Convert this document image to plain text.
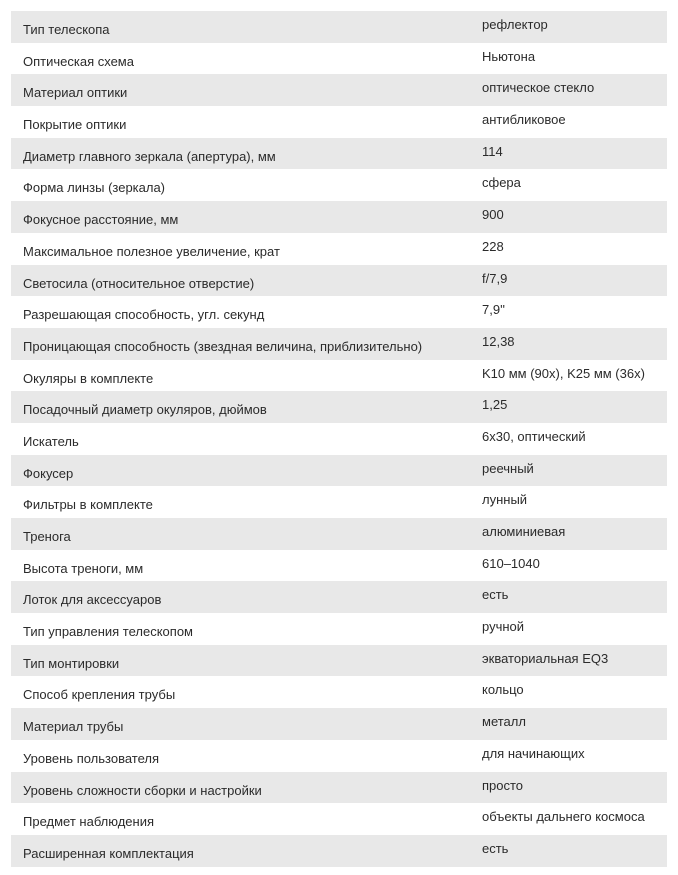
Тип телескопа	рефлектор
Оптическая схема	Ньютона
Материал оптики	оптическое стекло
Покрытие оптики	антибликовое
Диаметр главного зеркала (апертура), мм	114
Форма линзы (зеркала)	сфера
Фокусное расстояние, мм	900
Максимальное полезное увеличение, крат	228
Светосила (относительное отверстие)	f/7,9
Разрешающая способность, угл. секунд	7,9''
Проницающая способность (звездная величина, приблизительно)	12,38
Окуляры в комплекте	K10 мм (90x), K25 мм (36x)
Посадочный диаметр окуляров, дюймов	1,25
Искатель	6x30, оптический
Фокусер	реечный
Фильтры в комплекте	лунный
Тренога	алюминиевая
Высота треноги, мм	610–1040
Лоток для аксессуаров	есть
Тип управления телескопом	ручной
Тип монтировки	экваториальная EQ3
Способ крепления трубы	кольцо
Материал трубы	металл
Уровень пользователя	для начинающих
Уровень сложности сборки и настройки	просто
Предмет наблюдения	объекты дальнего космоса
Расширенная комплектация	есть
